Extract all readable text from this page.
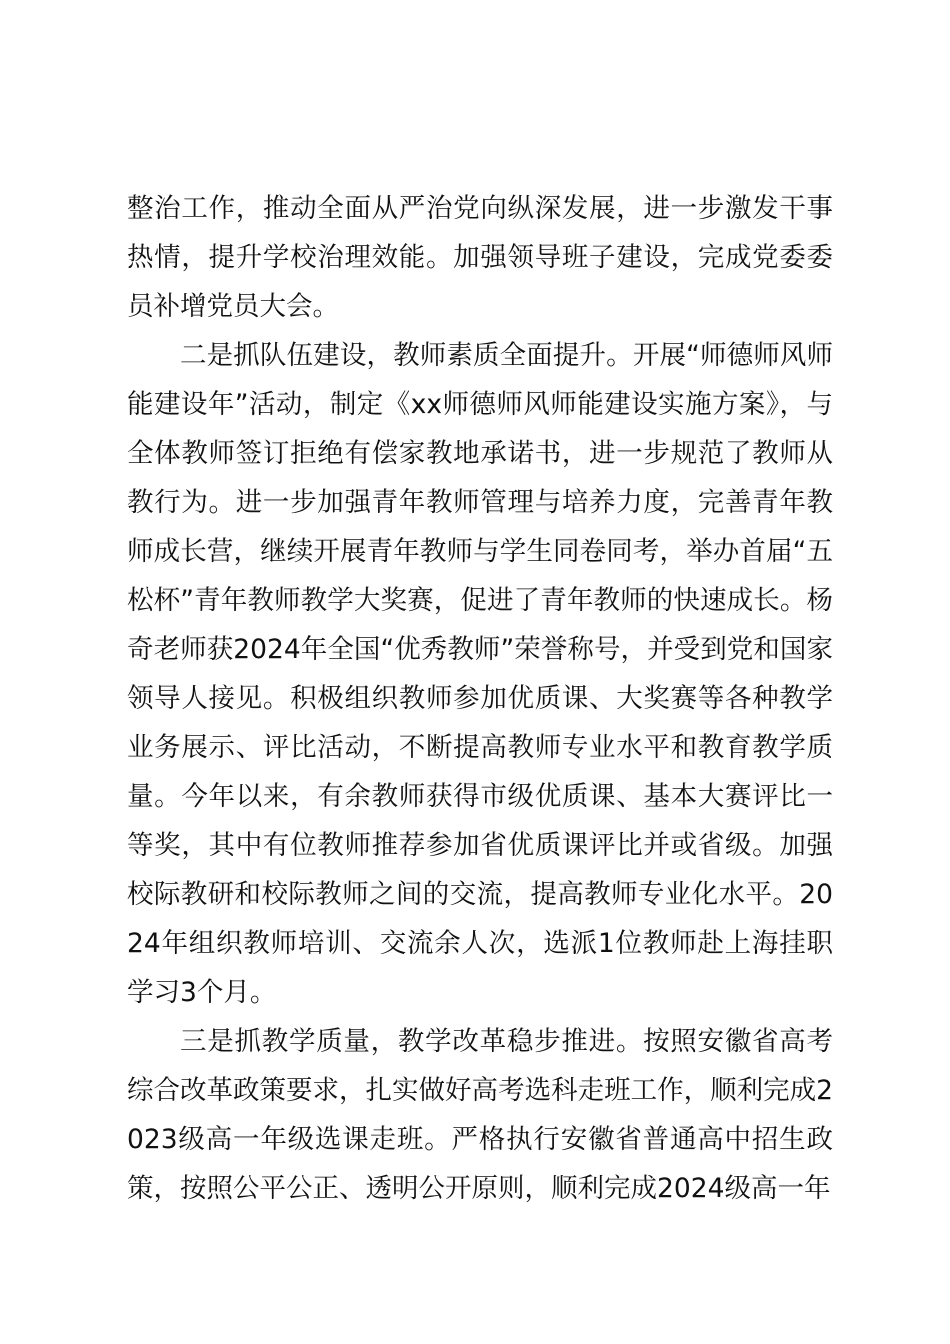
整治工作，推动全面从严治党向纵深发展，进一步激发干事热情，提升学校治理效能。加强领导班子建设，完成党委委员补增党员大会。

二是抓队伍建设，教师素质全面提升。开展“师德师风师能建设年”活动，制定《xx师德师风师能建设实施方案》，与全体教师签订拒绝有偿家教地承诺书，进一步规范了教师从教行为。进一步加强青年教师管理与培养力度，完善青年教师成长营，继续开展青年教师与学生同卷同考，举办首届“五松杯”青年教师教学大奖赛，促进了青年教师的快速成长。杨奇老师获2024年全国“优秀教师”荣誉称号，并受到党和国家领导人接见。积极组织教师参加优质课、大奖赛等各种教学业务展示、评比活动，不断提高教师专业水平和教育教学质量。今年以来，有余教师获得市级优质课、基本大赛评比一等奖，其中有位教师推荐参加省优质课评比并或省级。加强校际教研和校际教师之间的交流，提高教师专业化水平。2024年组织教师培训、交流余人次，选派1位教师赴上海挂职学习3个月。

三是抓教学质量，教学改革稳步推进。按照安徽省高考综合改革政策要求，扎实做好高考选科走班工作，顺利完成2023级高一年级选课走班。严格执行安徽省普通高中招生政策，按照公平公正、透明公开原则，顺利完成2024级高一年
